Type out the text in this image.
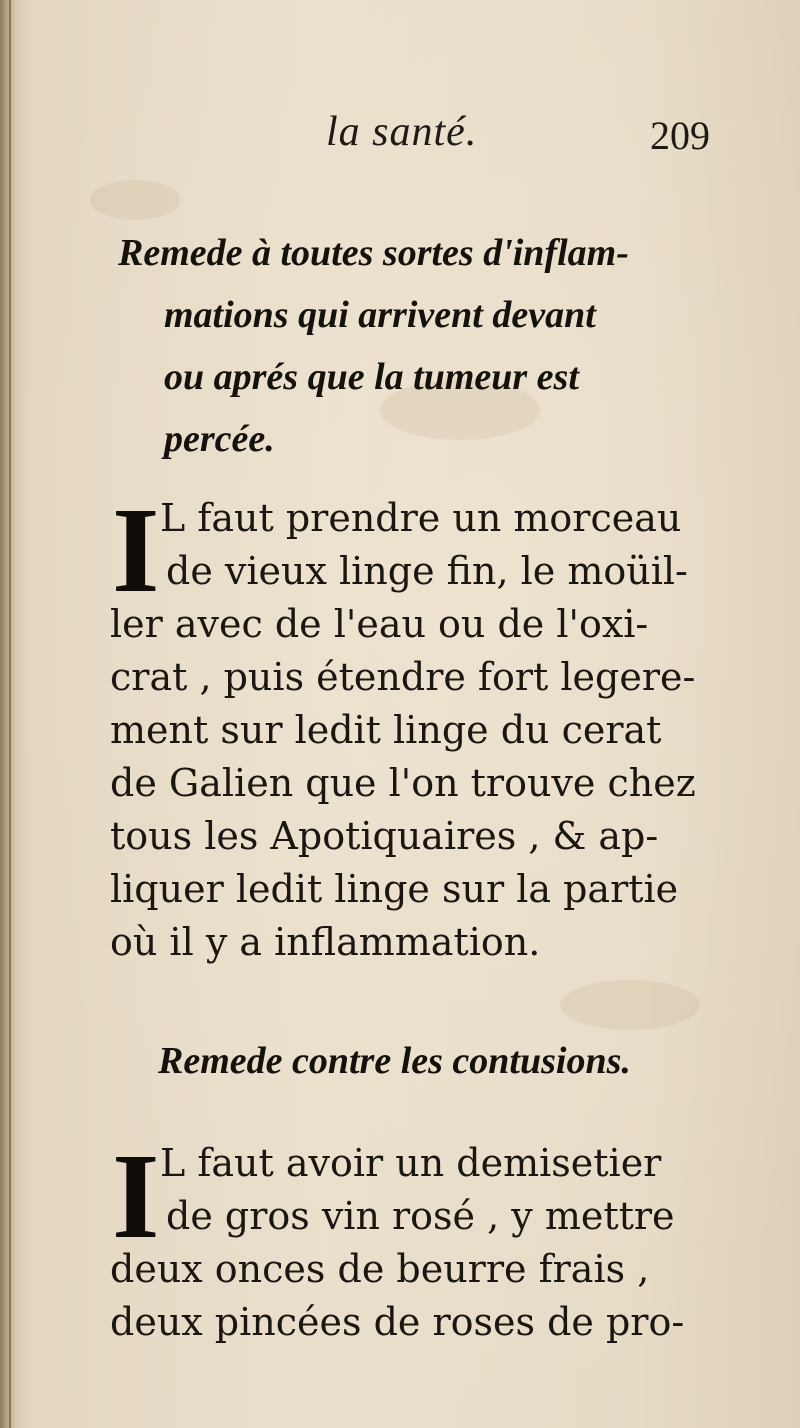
la santé.	209
Remede à toutes sortes d'inflam-
mations qui arrivent devant
ou aprés que la tumeur est
percée.
I L faut prendre un morceau
de vieux linge fin, le moüil-
ler avec de l'eau ou de l'oxi-
crat , puis étendre fort legere-
ment sur ledit linge du cerat
de Galien que l'on trouve chez
tous les Apotiquaires , & ap-
liquer ledit linge sur la partie
où il y a inflammation.
Remede contre les contusions.
I L faut avoir un demisetier
de gros vin rosé , y mettre
deux onces de beurre frais ,
deux pincées de roses de pro-
